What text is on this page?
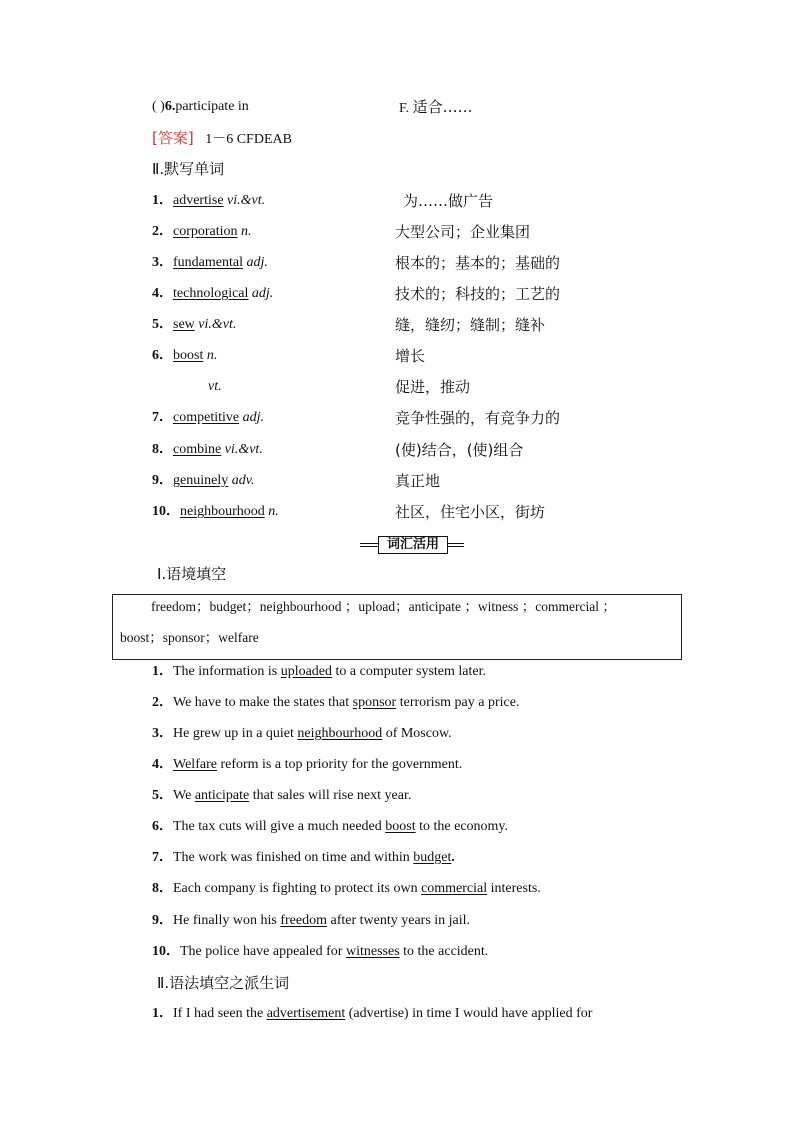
( )6.participate in	F. 适合……
[答案] 1－6 CFDEAB
Ⅱ.默写单词
1．advertise vi.&vt.	为……做广告
2．corporation n.	大型公司；企业集团
3．fundamental adj.	根本的；基本的；基础的
4．technological adj.	技术的；科技的；工艺的
5．sew vi.&vt.	缝，缝纫；缝制；缝补
6．boost n.	增长
vt.	促进，推动
7．competitive adj.	竞争性强的，有竞争力的
8．combine vi.&vt.	(使)结合，(使)组合
9．genuinely adv.	真正地
10．neighbourhood n.	社区，住宅小区，街坊
词汇活用
Ⅰ.语境填空
freedom；budget；neighbourhood ；upload；anticipate ；witness ；commercial ；
boost；sponsor；welfare
1．The information is uploaded to a computer system later.
2．We have to make the states that sponsor terrorism pay a price.
3．He grew up in a quiet neighbourhood of Moscow.
4．Welfare reform is a top priority for the government.
5．We anticipate that sales will rise next year.
6．The tax cuts will give a much needed boost to the economy.
7．The work was finished on time and within budget.
8．Each company is fighting to protect its own commercial interests.
9．He finally won his freedom after twenty years in jail.
10．The police have appealed for witnesses to the accident.
Ⅱ.语法填空之派生词
1．If I had seen the advertisement (advertise) in time I would have applied for
